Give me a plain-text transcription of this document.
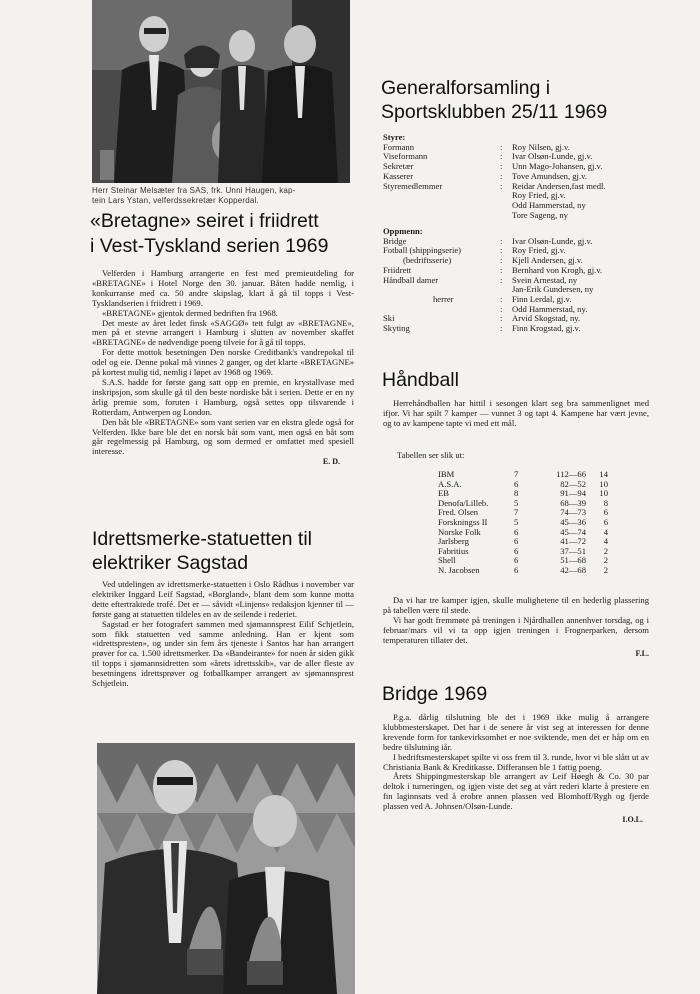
Herr Steinar Melsæter fra SAS, frk. Unni Haugen, kap-
tein Lars Ystan, velferdssekretær Kopperdal.
«Bretagne» seiret i friidrett
i Vest-Tyskland serien 1969

Velferden i Hamburg arrangerte en fest med premieutdeling for «BRETAGNE» i Hotel Norge den 30. januar. Båten hadde nemlig, i konkurranse med ca. 50 andre skipslag, klart å gå til topps i Vest-Tysklandserien i friidrett i 1969.

«BRETAGNE» gjentok dermed bedriften fra 1968.

Det meste av året ledet finsk «SAGGØ» tett fulgt av «BRETAGNE», men på et stevne arrangert i Hamburg i slutten av november skaffet «BRETAGNE» de nødvendige poeng tilveie for å gå til topps.

For dette mottok besetningen Den norske Creditbank's vandrepokal til odel og eie. Denne pokal må vinnes 2 ganger, og det klarte «BRETAGNE» på kortest mulig tid, nemlig i løpet av 1968 og 1969.

S.A.S. hadde for første gang satt opp en premie, en krystallvase med inskripsjon, som skulle gå til den beste nordiske båt i serien. Dette er en ny årlig premie som, foruten i Hamburg, også settes opp tilsvarende i Rotterdam, Antwerpen og London.

Den båt ble «BRETAGNE» som vant serien var en ekstra glede også for Velferden. Ikke bare ble det en norsk båt som vant, men også en båt som går regelmessig på Hamburg, og som dermed er omfattet med spesiell interesse.

E. D.
Idrettsmerke-statuetten til
elektriker Sagstad

Ved utdelingen av idrettsmerke-statuetten i Oslo Rådhus i november var elektriker Inggard Leif Sagstad, «Borgland», blant dem som kunne motta dette eftertraktede trofé. Det er — såvidt «Linjens» redaksjon kjenner til — første gang at statuetten tildeles en av de seilende i rederiet.

Sagstad er her fotografert sammen med sjømannsprest Eilif Schjetlein, som fikk statuetten ved samme anledning. Han er kjent som «idrettspresten», og under sin fem års tjeneste i Santos har han arrangert prøver for ca. 1.500 idrettsmerker. Da «Bandeirante» for noen år siden gikk til topps i sjømannsidretten som «årets idrettsskib», var de aller fleste av besetningens idrettsprøver og fotballkamper arrangert av sjømannsprest Schjetlein.

Generalforsamling i
Sportsklubben 25/11 1969
Styre:
Formann	:	Roy Nilsen, gj.v.
Viseformann	:	Ivar Olsøn-Lunde, gj.v.
Sekretær	:	Unn Mago-Johansen, gj.v.
Kasserer	:	Tove Amundsen, gj.v.
Styremedlemmer	:	Reidar Andersen,fast medl.
Roy Fried, gj.v.
Odd Hammerstad, ny
Tore Sageng, ny
Oppmenn:
Bridge	:	Ivar Olsøn-Lunde, gj.v.
Fotball (shippingserie)	:	Roy Fried, gj.v.
(bedriftsserie)	:	Kjell Andersen, gj.v.
Friidrett	:	Bernhard von Krogh, gj.v.
Håndball damer	:	Svein Arnestad, ny
Jan-Erik Gundersen, ny
herrer	:	Finn Lerdal, gj.v.
:	Odd Hammerstad, ny.
Ski	:	Arvid Skogstad, ny.
Skyting	:	Finn Krogstad, gj.v.
Håndball

Herrehåndballen har hittil i sesongen klart seg bra sammenlignet med ifjor. Vi har spilt 7 kamper — vunnet 3 og tapt 4. Kampene har vært jevne, og to av kampene tapte vi med ett mål.

Tabellen ser slik ut:
IBM	7	112—66	14
A.S.A.	6	82—52	10
EB	8	91—94	10
Denofa/Lilleb.	5	68—39	8
Fred. Olsen	7	74—73	6
Forskningss II	5	45—36	6
Norske Folk	6	45—74	4
Jarlsberg	6	41—72	4
Fabritius	6	37—51	2
Shell	6	51—68	2
N. Jacobsen	6	42—68	2

Da vi har tre kamper igjen, skulle mulighetene til en hederlig plassering på tabellen være til stede.

Vi har godt fremmøte på treningen i Njårdhallen annenhver torsdag, og i februar/mars vil vi ta opp igjen treningen i Frognerparken, dersom temperaturen tillater det.

F.L.
Bridge 1969

P.g.a. dårlig tilslutning ble det i 1969 ikke mulig å arrangere klubbmesterskapet. Det har i de senere år vist seg at interessen for denne krevende form for tankevirksomhet er noe sviktende, men det er håp om en bedre tilslutning iår.

I bedriftsmesterskapet spilte vi oss frem til 3. runde, hvor vi ble slått ut av Christiania Bank & Kreditkasse. Differansen ble 1 fattig poeng.

Årets Shippingmesterskap ble arrangert av Leif Høegh & Co. 30 par deltok i turneringen, og igjen viste det seg at vårt rederi klarte å prestere en fin laginnsats ved å erobre annen plassen ved Blomhoff/Rygh og fjerde plassen ved A. Johnsen/Olsøn-Lunde.

I.O.L.
